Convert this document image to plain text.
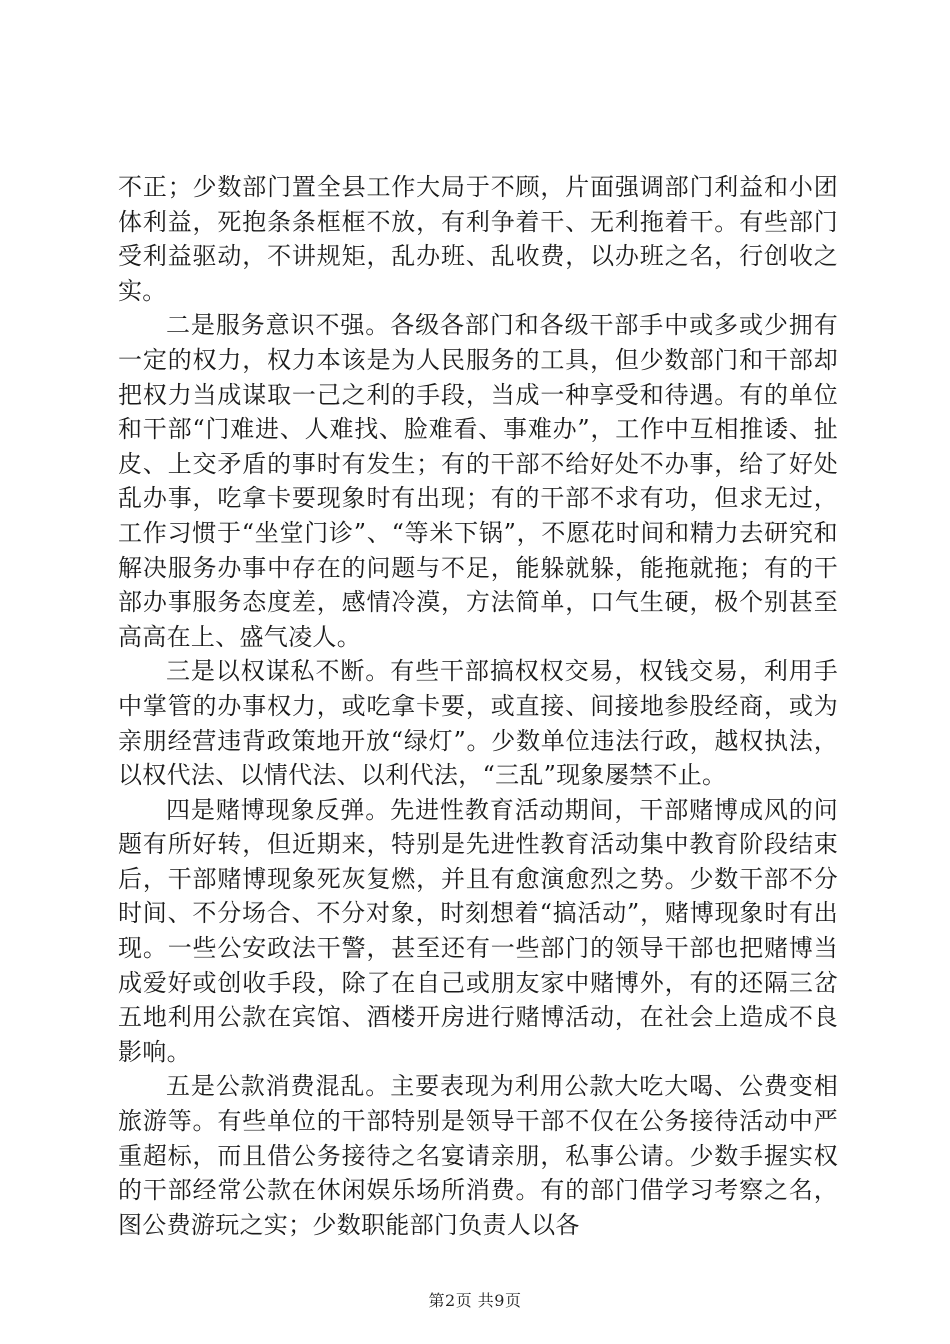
不正；少数部门置全县工作大局于不顾，片面强调部门利益和小团体利益，死抱条条框框不放，有利争着干、无利拖着干。有些部门受利益驱动，不讲规矩，乱办班、乱收费，以办班之名，行创收之实。

二是服务意识不强。各级各部门和各级干部手中或多或少拥有一定的权力，权力本该是为人民服务的工具，但少数部门和干部却把权力当成谋取一己之利的手段，当成一种享受和待遇。有的单位和干部“门难进、人难找、脸难看、事难办”，工作中互相推诿、扯皮、上交矛盾的事时有发生；有的干部不给好处不办事，给了好处乱办事，吃拿卡要现象时有出现；有的干部不求有功，但求无过，工作习惯于“坐堂门诊”、“等米下锅”，不愿花时间和精力去研究和解决服务办事中存在的问题与不足，能躲就躲，能拖就拖；有的干部办事服务态度差，感情冷漠，方法简单，口气生硬，极个别甚至高高在上、盛气凌人。

三是以权谋私不断。有些干部搞权权交易，权钱交易，利用手中掌管的办事权力，或吃拿卡要，或直接、间接地参股经商，或为亲朋经营违背政策地开放“绿灯”。少数单位违法行政，越权执法，以权代法、以情代法、以利代法，“三乱”现象屡禁不止。

四是赌博现象反弹。先进性教育活动期间，干部赌博成风的问题有所好转，但近期来，特别是先进性教育活动集中教育阶段结束后，干部赌博现象死灰复燃，并且有愈演愈烈之势。少数干部不分时间、不分场合、不分对象，时刻想着“搞活动”，赌博现象时有出现。一些公安政法干警，甚至还有一些部门的领导干部也把赌博当成爱好或创收手段，除了在自己或朋友家中赌博外，有的还隔三岔五地利用公款在宾馆、酒楼开房进行赌博活动，在社会上造成不良影响。

五是公款消费混乱。主要表现为利用公款大吃大喝、公费变相旅游等。有些单位的干部特别是领导干部不仅在公务接待活动中严重超标，而且借公务接待之名宴请亲朋，私事公请。少数手握实权的干部经常公款在休闲娱乐场所消费。有的部门借学习考察之名，图公费游玩之实；少数职能部门负责人以各

第2页 共9页
